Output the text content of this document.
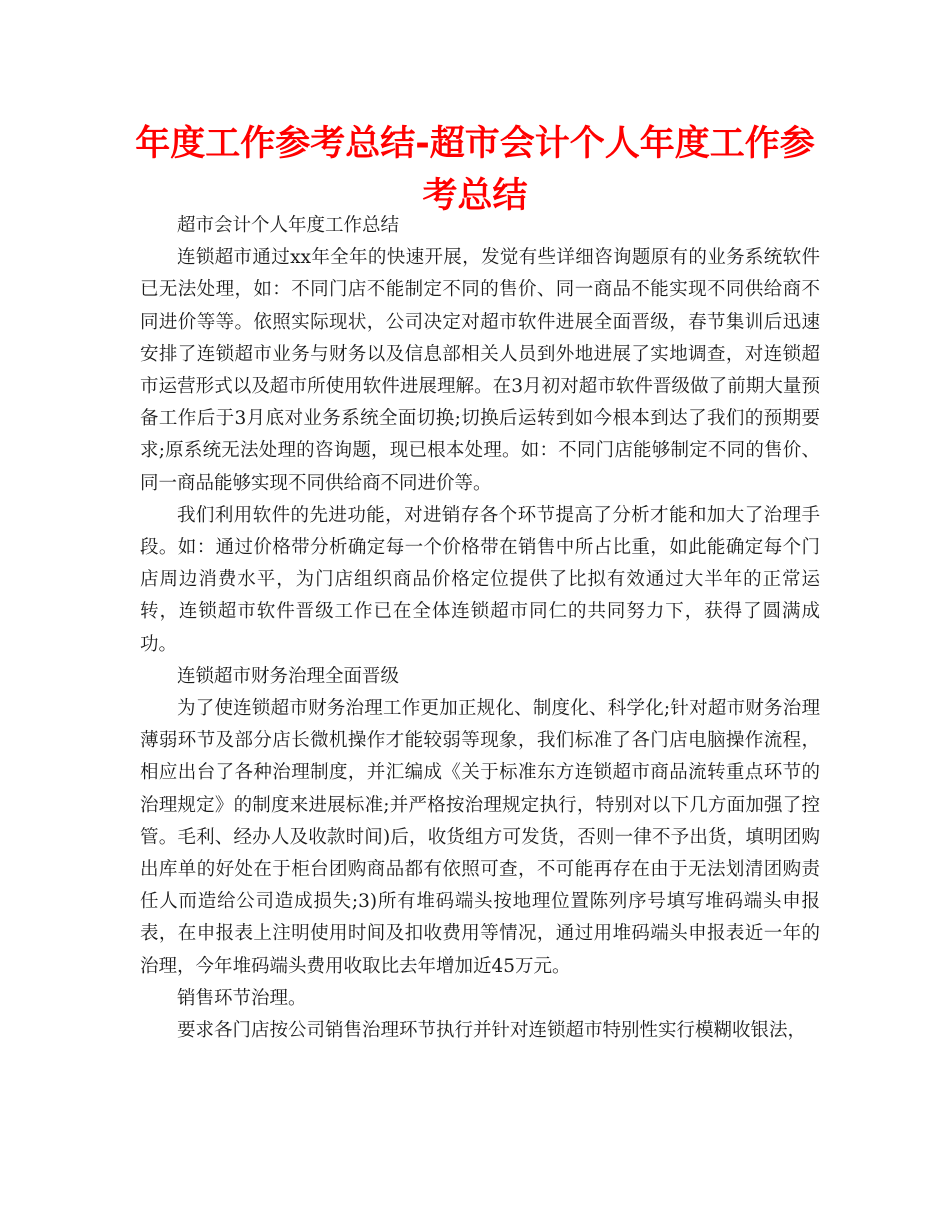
年度工作参考总结-超市会计个人年度工作参考总结

超市会计个人年度工作总结

连锁超市通过xx年全年的快速开展，发觉有些详细咨询题原有的业务系统软件已无法处理，如：不同门店不能制定不同的售价、同一商品不能实现不同供给商不同进价等等。依照实际现状，公司决定对超市软件进展全面晋级，春节集训后迅速安排了连锁超市业务与财务以及信息部相关人员到外地进展了实地调查，对连锁超市运营形式以及超市所使用软件进展理解。在3月初对超市软件晋级做了前期大量预备工作后于3月底对业务系统全面切换;切换后运转到如今根本到达了我们的预期要求;原系统无法处理的咨询题，现已根本处理。如：不同门店能够制定不同的售价、同一商品能够实现不同供给商不同进价等。

我们利用软件的先进功能，对进销存各个环节提高了分析才能和加大了治理手段。如：通过价格带分析确定每一个价格带在销售中所占比重，如此能确定每个门店周边消费水平，为门店组织商品价格定位提供了比拟有效通过大半年的正常运转，连锁超市软件晋级工作已在全体连锁超市同仁的共同努力下，获得了圆满成功。

连锁超市财务治理全面晋级

为了使连锁超市财务治理工作更加正规化、制度化、科学化;针对超市财务治理薄弱环节及部分店长微机操作才能较弱等现象，我们标准了各门店电脑操作流程，相应出台了各种治理制度，并汇编成《关于标准东方连锁超市商品流转重点环节的治理规定》的制度来进展标准;并严格按治理规定执行，特别对以下几方面加强了控管。毛利、经办人及收款时间)后，收货组方可发货，否则一律不予出货，填明团购出库单的好处在于柜台团购商品都有依照可查，不可能再存在由于无法划清团购责任人而造给公司造成损失;3)所有堆码端头按地理位置陈列序号填写堆码端头申报表，在申报表上注明使用时间及扣收费用等情况，通过用堆码端头申报表近一年的治理，今年堆码端头费用收取比去年增加近45万元。

销售环节治理。

要求各门店按公司销售治理环节执行并针对连锁超市特别性实行模糊收银法，
